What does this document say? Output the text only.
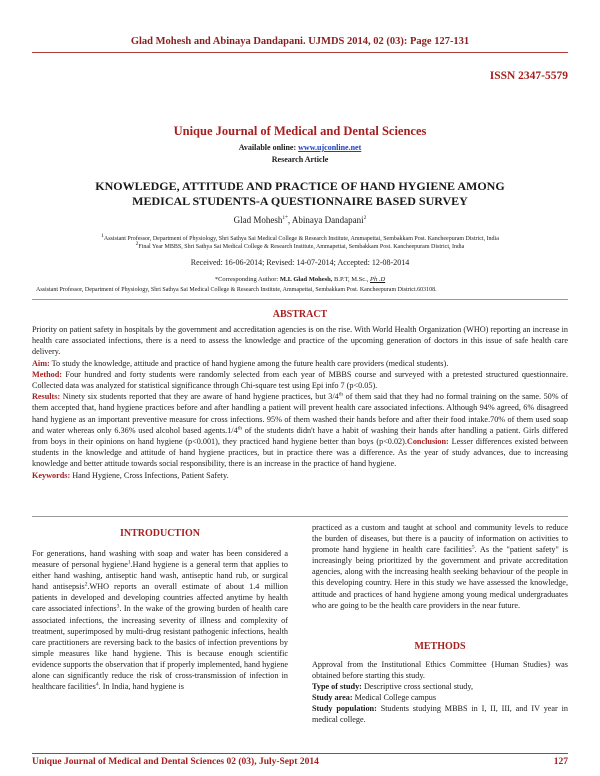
Glad Mohesh and Abinaya Dandapani. UJMDS 2014, 02 (03): Page 127-131
ISSN 2347-5579
Unique Journal of Medical and Dental Sciences
Available online: www.ujconline.net
Research Article
KNOWLEDGE, ATTITUDE AND PRACTICE OF HAND HYGIENE AMONG
MEDICAL STUDENTS-A QUESTIONNAIRE BASED SURVEY
Glad Mohesh$^{1*}$, Abinaya Dandapani$^2$
$^1$Assistant Professor, Department of Physiology, Shri Sathya Sai Medical College & Research Institute, Ammapettai, Sembakkam Post. Kancheepuram District, India
$^2$Final Year MBBS, Shri Sathya Sai Medical College & Research Institute, Ammapettai, Sembakkam Post. Kancheepuram District, India
Received: 16-06-2014; Revised: 14-07-2014; Accepted: 12-08-2014
*Corresponding Author: M.I. Glad Mohesh, B.P.T, M.Sc., Ph .D
Assistant Professor, Department of Physiology, Shri Sathya Sai Medical College & Research Institute, Ammapettai, Sembakkam Post. Kancheepuram District.603108.
ABSTRACT

Priority on patient safety in hospitals by the government and accreditation agencies is on the rise. With World Health Organization (WHO) reporting an increase in health care associated infections, there is a need to assess the knowledge and practice of the upcoming generation of doctors in this issue of safe health care delivery.

Aim: To study the knowledge, attitude and practice of hand hygiene among the future health care providers (medical students).

Method: Four hundred and forty students were randomly selected from each year of MBBS course and surveyed with a pretested structured questionnaire. Collected data was analyzed for statistical significance through Chi-square test using Epi info 7 (p<0.05).

Results: Ninety six students reported that they are aware of hand hygiene practices, but 3/4th of them said that they had no formal training on the same. 50% of them accepted that, hand hygiene practices before and after handling a patient will prevent health care associated infections. Although 94% agreed, 6% disagreed hand hygiene as an important preventive measure for cross infections. 95% of them washed their hands before and after their food intake.70% of them used soap and water whereas only 6.36% used alcohol based agents.1/4th of the students didn't have a habit of washing their hands after handling a patient. Girls differed from boys in their opinions on hand hygiene (p<0.001), they practiced hand hygiene better than boys (p<0.02).Conclusion: Lesser differences existed between students in the knowledge and attitude of hand hygiene practices, but in practice there was a difference. As the year of study advances, due to increasing knowledge and better attitude towards social responsibility, there is an increase in the practice of hand hygiene.

Keywords: Hand Hygiene, Cross Infections, Patient Safety.

INTRODUCTION

For generations, hand washing with soap and water has been considered a measure of personal hygiene$^1$.Hand hygiene is a general term that applies to either hand washing, antiseptic hand wash, antiseptic hand rub, or surgical hand antisepsis$^2$.WHO reports an overall estimate of about 1.4 million patients in developed and developing countries affected anytime by health care associated infections$^3$. In the wake of the growing burden of health care associated infections, the increasing severity of illness and complexity of treatment, superimposed by multi-drug resistant pathogenic infections, health care practitioners are reversing back to the basics of infection preventions by simple measures like hand hygiene. This is because enough scientific evidence supports the observation that if properly implemented, hand hygiene alone can significantly reduce the risk of cross-transmission of infection in healthcare facilities$^4$. In India, hand hygiene is

practiced as a custom and taught at school and community levels to reduce the burden of diseases, but there is a paucity of information on activities to promote hand hygiene in health care facilities$^5$. As the "patient safety" is increasingly being prioritized by the government and private accreditation agencies, along with the increasing health seeking behaviour of the people in this developing country. Here in this study we have assessed the knowledge, attitude and practices of hand hygiene among young medical undergraduates who are going to be the health care providers in the near future.

METHODS

Approval from the Institutional Ethics Committee {Human Studies} was obtained before starting this study.

Type of study: Descriptive cross sectional study,

Study area: Medical College campus

Study population: Students studying MBBS in I, II, III, and IV year in medical college.

Unique Journal of Medical and Dental Sciences 02 (03), July-Sept 2014	127
